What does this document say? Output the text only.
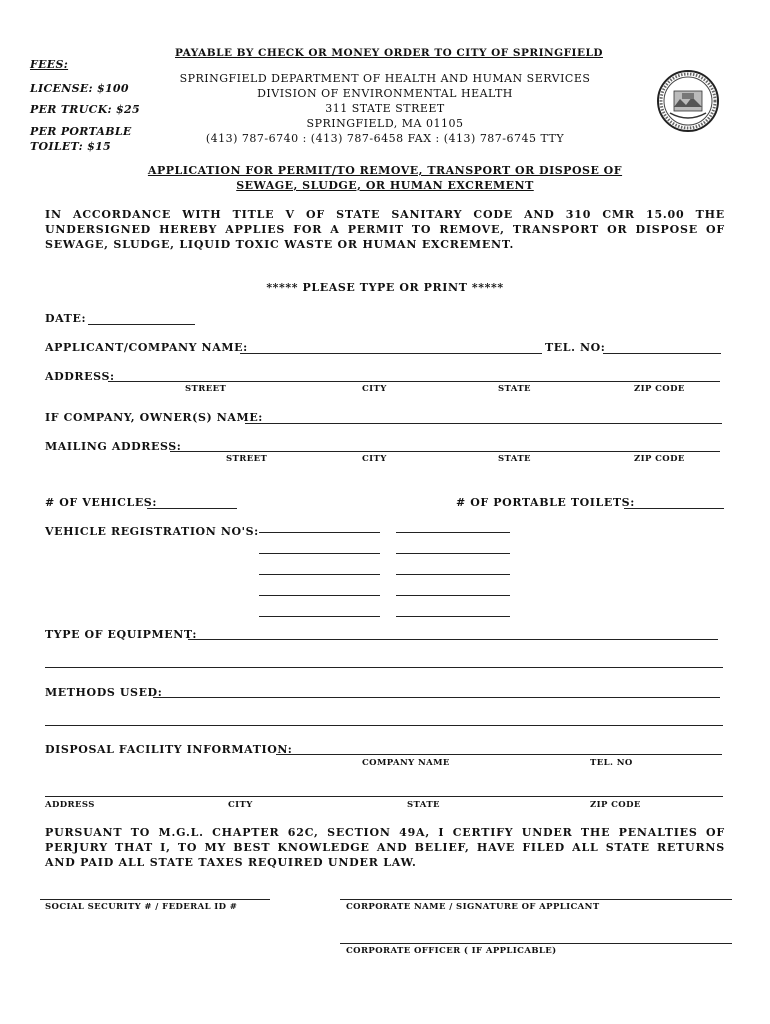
FEES:
LICENSE: $100
PER TRUCK: $25
PER PORTABLE
TOILET: $15
PAYABLE BY CHECK OR MONEY ORDER TO CITY OF SPRINGFIELD
SPRINGFIELD DEPARTMENT OF HEALTH AND HUMAN SERVICES
DIVISION OF ENVIRONMENTAL HEALTH
311 STATE STREET
SPRINGFIELD, MA 01105
(413) 787-6740 : (413) 787-6458 FAX : (413) 787-6745 TTY
APPLICATION FOR PERMIT/TO REMOVE, TRANSPORT OR DISPOSE OF
SEWAGE, SLUDGE, OR HUMAN EXCREMENT
IN ACCORDANCE WITH TITLE V OF STATE SANITARY CODE AND 310 CMR 15.00 THE UNDERSIGNED HEREBY APPLIES FOR A PERMIT TO REMOVE, TRANSPORT OR DISPOSE OF SEWAGE, SLUDGE, LIQUID TOXIC WASTE OR HUMAN EXCREMENT.
***** PLEASE TYPE OR PRINT *****
DATE:
APPLICANT/COMPANY NAME:	TEL. NO:
ADDRESS:
STREET	CITY	STATE	ZIP CODE
IF COMPANY, OWNER(S) NAME:
MAILING ADDRESS:
STREET	CITY	STATE	ZIP CODE
# OF VEHICLES:	# OF PORTABLE TOILETS:
VEHICLE REGISTRATION NO'S:
TYPE OF EQUIPMENT:
METHODS USED:
DISPOSAL FACILITY INFORMATION:
COMPANY NAME	TEL. NO
ADDRESS	CITY	STATE	ZIP CODE
PURSUANT TO M.G.L. CHAPTER 62C, SECTION 49A, I CERTIFY UNDER THE PENALTIES OF PERJURY THAT I, TO MY BEST KNOWLEDGE AND BELIEF, HAVE FILED ALL STATE RETURNS AND PAID ALL STATE TAXES REQUIRED UNDER LAW.
SOCIAL SECURITY # / FEDERAL ID #	CORPORATE NAME / SIGNATURE OF APPLICANT
CORPORATE OFFICER ( IF APPLICABLE)
